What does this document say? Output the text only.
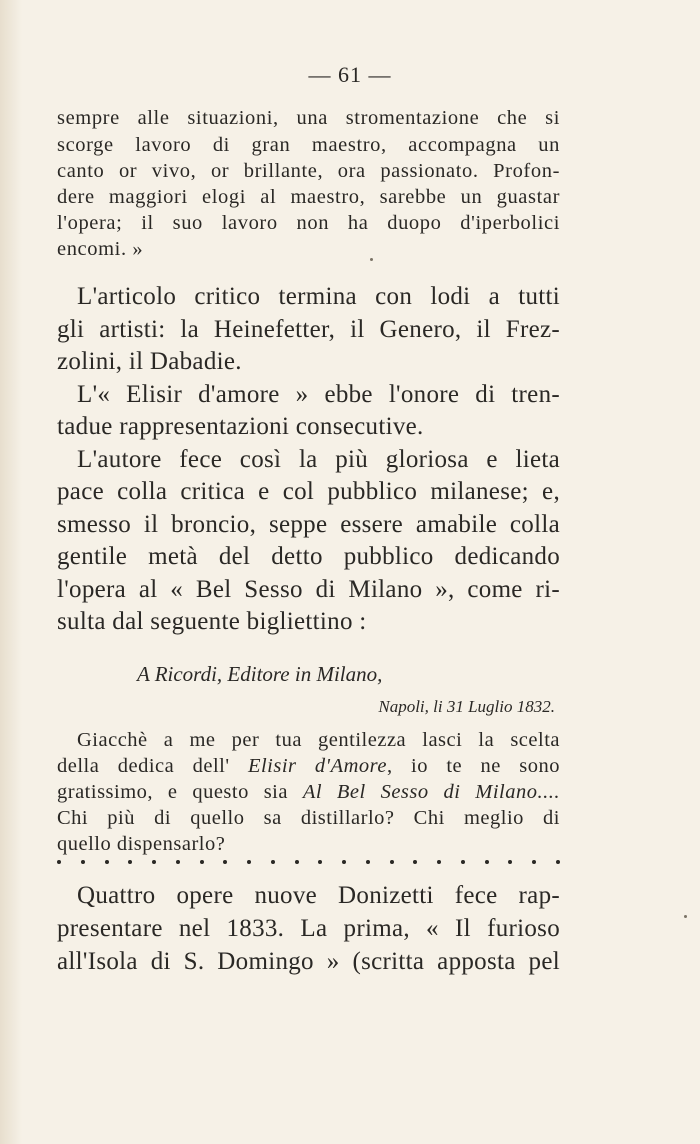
— 61 —
sempre alle situazioni, una stromentazione che si
scorge lavoro di gran maestro, accompagna un
canto or vivo, or brillante, ora passionato. Profon-
dere maggiori elogi al maestro, sarebbe un guastar
l'opera; il suo lavoro non ha duopo d'iperbolici
encomi. »
L'articolo critico termina con lodi a tutti
gli artisti: la Heinefetter, il Genero, il Frez-
zolini, il Dabadie.
L'« Elisir d'amore » ebbe l'onore di tren-
tadue rappresentazioni consecutive.
L'autore fece così la più gloriosa e lieta
pace colla critica e col pubblico milanese; e,
smesso il broncio, seppe essere amabile colla
gentile metà del detto pubblico dedicando
l'opera al « Bel Sesso di Milano », come ri-
sulta dal seguente bigliettino :
A Ricordi, Editore in Milano,
Napoli, li 31 Luglio 1832.
Giacchè a me per tua gentilezza lasci la scelta
della dedica dell' Elisir d'Amore, io te ne sono
gratissimo, e questo sia Al Bel Sesso di Milano....
Chi più di quello sa distillarlo? Chi meglio di
quello dispensarlo?
Quattro opere nuove Donizetti fece rap-
presentare nel 1833. La prima, « Il furioso
all'Isola di S. Domingo » (scritta apposta pel
